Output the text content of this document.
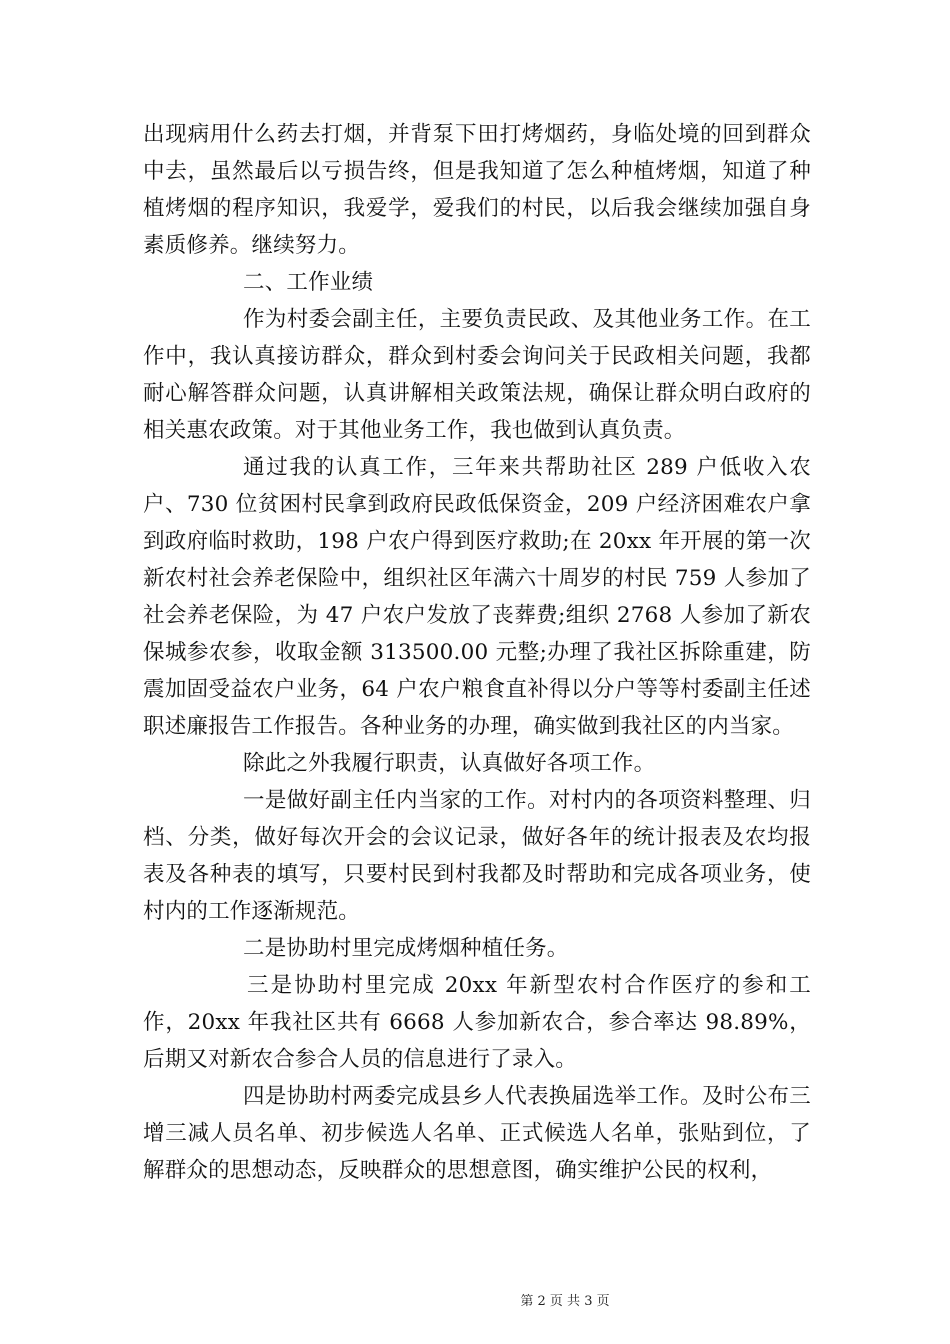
出现病用什么药去打烟，并背泵下田打烤烟药，身临处境的回到群众中去，虽然最后以亏损告终，但是我知道了怎么种植烤烟，知道了种植烤烟的程序知识，我爱学，爱我们的村民，以后我会继续加强自身素质修养。继续努力。

二、工作业绩

作为村委会副主任，主要负责民政、及其他业务工作。在工作中，我认真接访群众，群众到村委会询问关于民政相关问题，我都耐心解答群众问题，认真讲解相关政策法规，确保让群众明白政府的相关惠农政策。对于其他业务工作，我也做到认真负责。

通过我的认真工作，三年来共帮助社区 289 户低收入农户、730 位贫困村民拿到政府民政低保资金，209 户经济困难农户拿到政府临时救助，198 户农户得到医疗救助;在 20xx 年开展的第一次新农村社会养老保险中，组织社区年满六十周岁的村民 759 人参加了社会养老保险，为 47 户农户发放了丧葬费;组织 2768 人参加了新农保城参农参，收取金额 313500.00 元整;办理了我社区拆除重建，防震加固受益农户业务，64 户农户粮食直补得以分户等等村委副主任述职述廉报告工作报告。各种业务的办理，确实做到我社区的内当家。

除此之外我履行职责，认真做好各项工作。

一是做好副主任内当家的工作。对村内的各项资料整理、归档、分类，做好每次开会的会议记录，做好各年的统计报表及农均报表及各种表的填写，只要村民到村我都及时帮助和完成各项业务，使村内的工作逐渐规范。

二是协助村里完成烤烟种植任务。

三是协助村里完成 20xx 年新型农村合作医疗的参和工作，20xx 年我社区共有 6668 人参加新农合，参合率达 98.89%，后期又对新农合参合人员的信息进行了录入。

四是协助村两委完成县乡人代表换届选举工作。及时公布三增三减人员名单、初步候选人名单、正式候选人名单，张贴到位，了解群众的思想动态，反映群众的思想意图，确实维护公民的权利，

第 2 页 共 3 页
